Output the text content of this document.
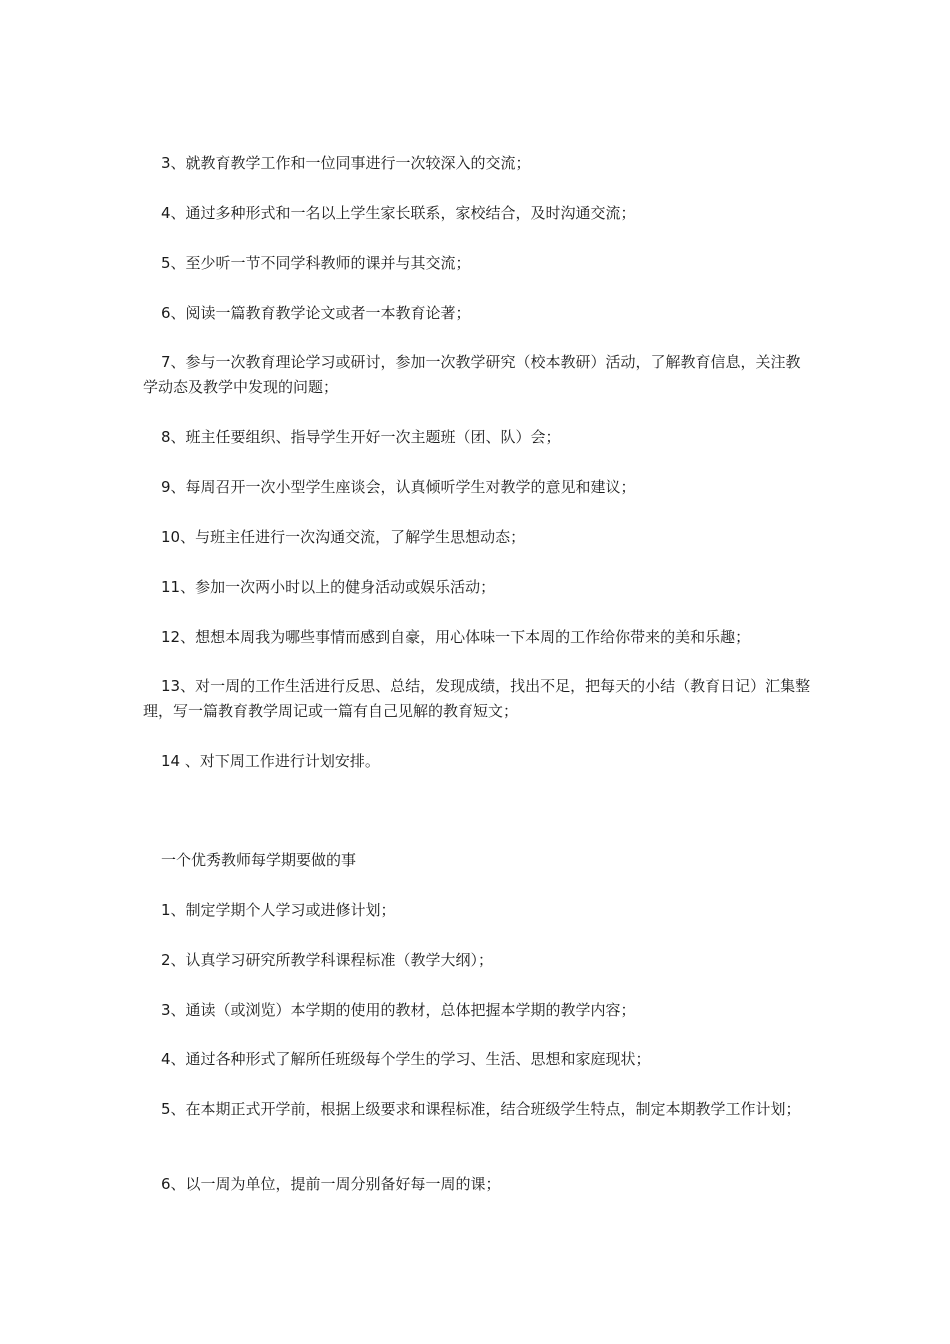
3、就教育教学工作和一位同事进行一次较深入的交流；

4、通过多种形式和一名以上学生家长联系，家校结合，及时沟通交流；

5、至少听一节不同学科教师的课并与其交流；

6、阅读一篇教育教学论文或者一本教育论著；

7、参与一次教育理论学习或研讨，参加一次教学研究（校本教研）活动，了解教育信息，关注教学动态及教学中发现的问题；

8、班主任要组织、指导学生开好一次主题班（团、队）会；

9、每周召开一次小型学生座谈会，认真倾听学生对教学的意见和建议；

10、与班主任进行一次沟通交流，了解学生思想动态；

11、参加一次两小时以上的健身活动或娱乐活动；

12、想想本周我为哪些事情而感到自豪，用心体味一下本周的工作给你带来的美和乐趣；

13、对一周的工作生活进行反思、总结，发现成绩，找出不足，把每天的小结（教育日记）汇集整理，写一篇教育教学周记或一篇有自己见解的教育短文；

14 、对下周工作进行计划安排。

一个优秀教师每学期要做的事

1、制定学期个人学习或进修计划；

2、认真学习研究所教学科课程标准（教学大纲）；

3、通读（或浏览）本学期的使用的教材，总体把握本学期的教学内容；

4、通过各种形式了解所任班级每个学生的学习、生活、思想和家庭现状；

5、在本期正式开学前，根据上级要求和课程标准，结合班级学生特点，制定本期教学工作计划；

6、以一周为单位，提前一周分别备好每一周的课；
